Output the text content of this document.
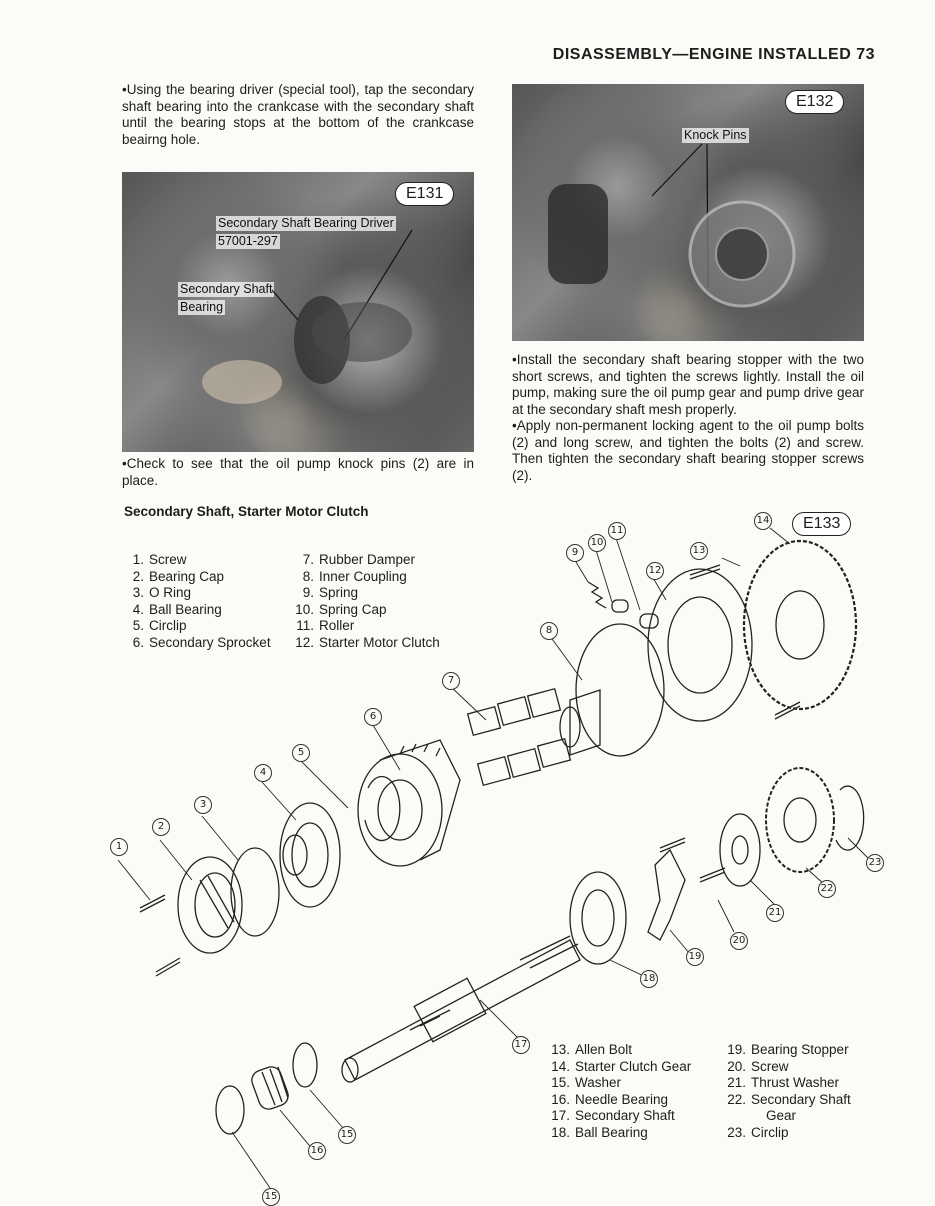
DISASSEMBLY—ENGINE INSTALLED 73
•Using the bearing driver (special tool), tap the secondary shaft bearing into the crankcase with the secondary shaft until the bearing stops at the bottom of the crankcase beairng hole.
E131
Secondary Shaft Bearing Driver
57001-297
Secondary Shaft
Bearing
•Check to see that the oil pump knock pins (2) are in place.
E132
Knock Pins
•Install the secondary shaft bearing stopper with the two short screws, and tighten the screws lightly. Install the oil pump, making sure the oil pump gear and pump drive gear at the secondary shaft mesh properly.
•Apply non-permanent locking agent to the oil pump bolts (2) and long screw, and tighten the bolts (2) and screw. Then tighten the secondary shaft bearing stopper screws (2).
Secondary Shaft, Starter Motor Clutch
1. Screw
2. Bearing Cap
3. O Ring
4. Ball Bearing
5. Circlip
6. Secondary Sprocket
7. Rubber Damper
8. Inner Coupling
9. Spring
10. Spring Cap
11. Roller
12. Starter Motor Clutch
E133
1
2
3
4
5
6
7
8
9
10
11
12
13
14
15
15
16
17
18
19
20
21
22
23
13. Allen Bolt
14. Starter Clutch Gear
15. Washer
16. Needle Bearing
17. Secondary Shaft
18. Ball Bearing
19. Bearing Stopper
20. Screw
21. Thrust Washer
22. Secondary Shaft
Gear
23. Circlip
